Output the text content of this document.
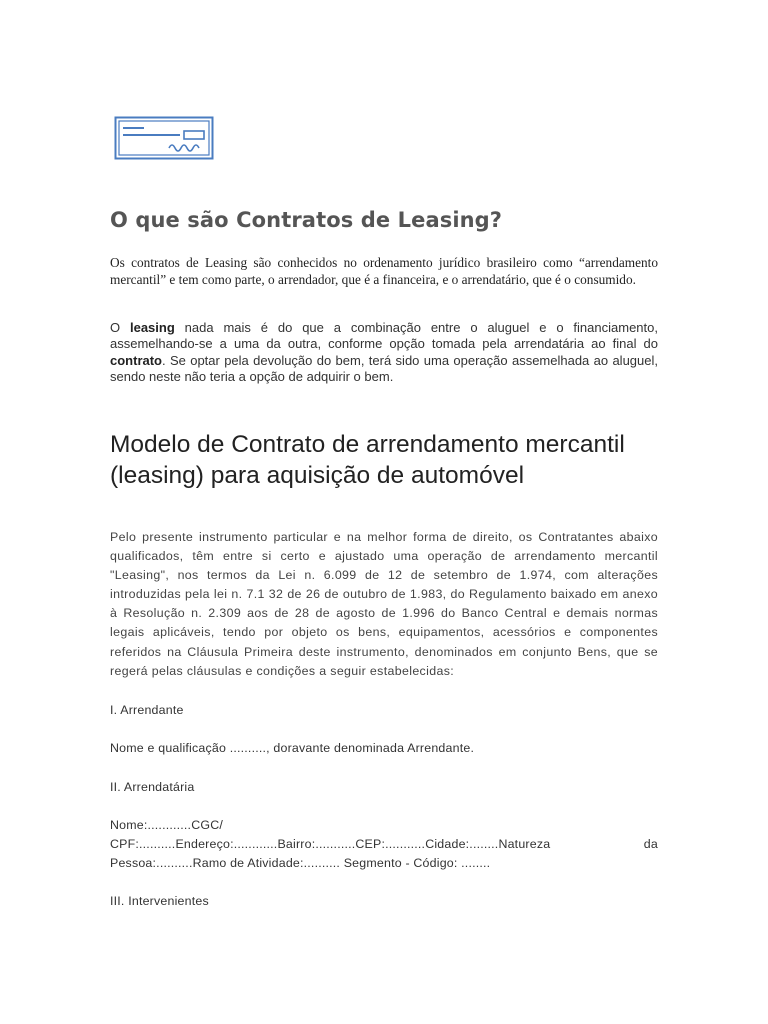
O que são Contratos de Leasing?

Os contratos de Leasing são conhecidos no ordenamento jurídico brasileiro como “arrendamento mercantil” e tem como parte, o arrendador, que é a financeira, e o arrendatário, que é o consumido.

O leasing nada mais é do que a combinação entre o aluguel e o financiamento, assemelhando-se a uma da outra, conforme opção tomada pela arrendatária ao final do contrato. Se optar pela devolução do bem, terá sido uma operação assemelhada ao aluguel, sendo neste não teria a opção de adquirir o bem.

Modelo de Contrato de arrendamento mercantil (leasing) para aquisição de automóvel

Pelo presente instrumento particular e na melhor forma de direito, os Contratantes abaixo qualificados, têm entre si certo e ajustado uma operação de arrendamento mercantil "Leasing", nos termos da Lei n. 6.099 de 12 de setembro de 1.974, com alterações introduzidas pela lei n. 7.1 32 de 26 de outubro de 1.983, do Regulamento baixado em anexo à Resolução n. 2.309 aos de 28 de agosto de 1.996 do Banco Central e demais normas legais aplicáveis, tendo por objeto os bens, equipamentos, acessórios e componentes referidos na Cláusula Primeira deste instrumento, denominados em conjunto Bens, que se regerá pelas cláusulas e condições a seguir estabelecidas:

I. Arrendante

Nome e qualificação .........., doravante denominada Arrendante.

II. Arrendatária

Nome:............CGC/ CPF:..........Endereço:............Bairro:...........CEP:...........Cidade:........Natureza da Pessoa:..........Ramo de Atividade:.......... Segmento - Código: ........

III. Intervenientes
